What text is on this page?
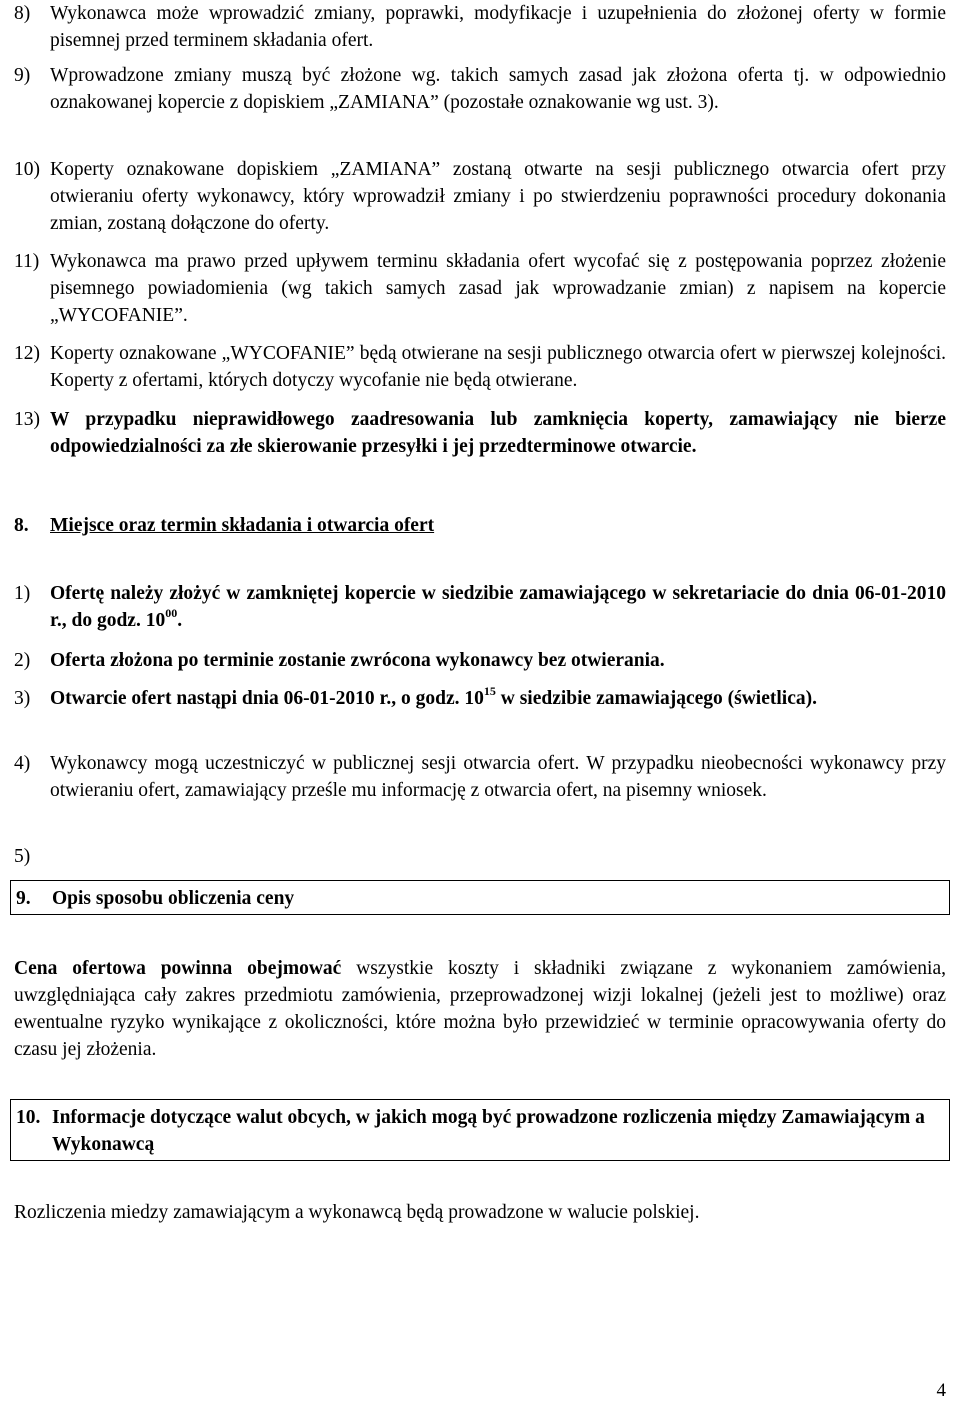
8) Wykonawca może wprowadzić zmiany, poprawki, modyfikacje i uzupełnienia do złożonej oferty w formie pisemnej przed terminem składania ofert.
9) Wprowadzone zmiany muszą być złożone wg. takich samych zasad jak złożona oferta tj. w odpowiednio oznakowanej kopercie z dopiskiem „ZAMIANA” (pozostałe oznakowanie wg ust. 3).
10) Koperty oznakowane dopiskiem „ZAMIANA” zostaną otwarte na sesji publicznego otwarcia ofert przy otwieraniu oferty wykonawcy, który wprowadził zmiany i po stwierdzeniu poprawności procedury dokonania zmian, zostaną dołączone do oferty.
11) Wykonawca ma prawo przed upływem terminu składania ofert wycofać się z postępowania poprzez złożenie pisemnego powiadomienia (wg takich samych zasad jak wprowadzanie zmian) z napisem na kopercie „WYCOFANIE”.
12) Koperty oznakowane „WYCOFANIE” będą otwierane na sesji publicznego otwarcia ofert w pierwszej kolejności. Koperty z ofertami, których dotyczy wycofanie nie będą otwierane.
13) W przypadku nieprawidłowego zaadresowania lub zamknięcia koperty, zamawiający nie bierze odpowiedzialności za złe skierowanie przesyłki i jej przedterminowe otwarcie.
8. Miejsce oraz termin składania i otwarcia ofert
1) Ofertę należy złożyć w zamkniętej kopercie w siedzibie zamawiającego w sekretariacie do dnia 06-01-2010 r., do godz. $10^{00}$.
2) Oferta złożona po terminie zostanie zwrócona wykonawcy bez otwierania.
3) Otwarcie ofert nastąpi dnia 06-01-2010 r., o godz. $10^{15}$ w siedzibie zamawiającego (świetlica).
4) Wykonawcy mogą uczestniczyć w publicznej sesji otwarcia ofert. W przypadku nieobecności wykonawcy przy otwieraniu ofert, zamawiający prześle mu informację z otwarcia ofert, na pisemny wniosek.
5)
9. Opis sposobu obliczenia ceny
Cena ofertowa powinna obejmować wszystkie koszty i składniki związane z wykonaniem zamówienia, uwzględniająca cały zakres przedmiotu zamówienia, przeprowadzonej wizji lokalnej (jeżeli jest to możliwe) oraz ewentualne ryzyko wynikające z okoliczności, które można było przewidzieć w terminie opracowywania oferty do czasu jej złożenia.
10. Informacje dotyczące walut obcych, w jakich mogą być prowadzone rozliczenia między Zamawiającym a Wykonawcą
Rozliczenia miedzy zamawiającym a wykonawcą będą prowadzone w walucie polskiej.
4
